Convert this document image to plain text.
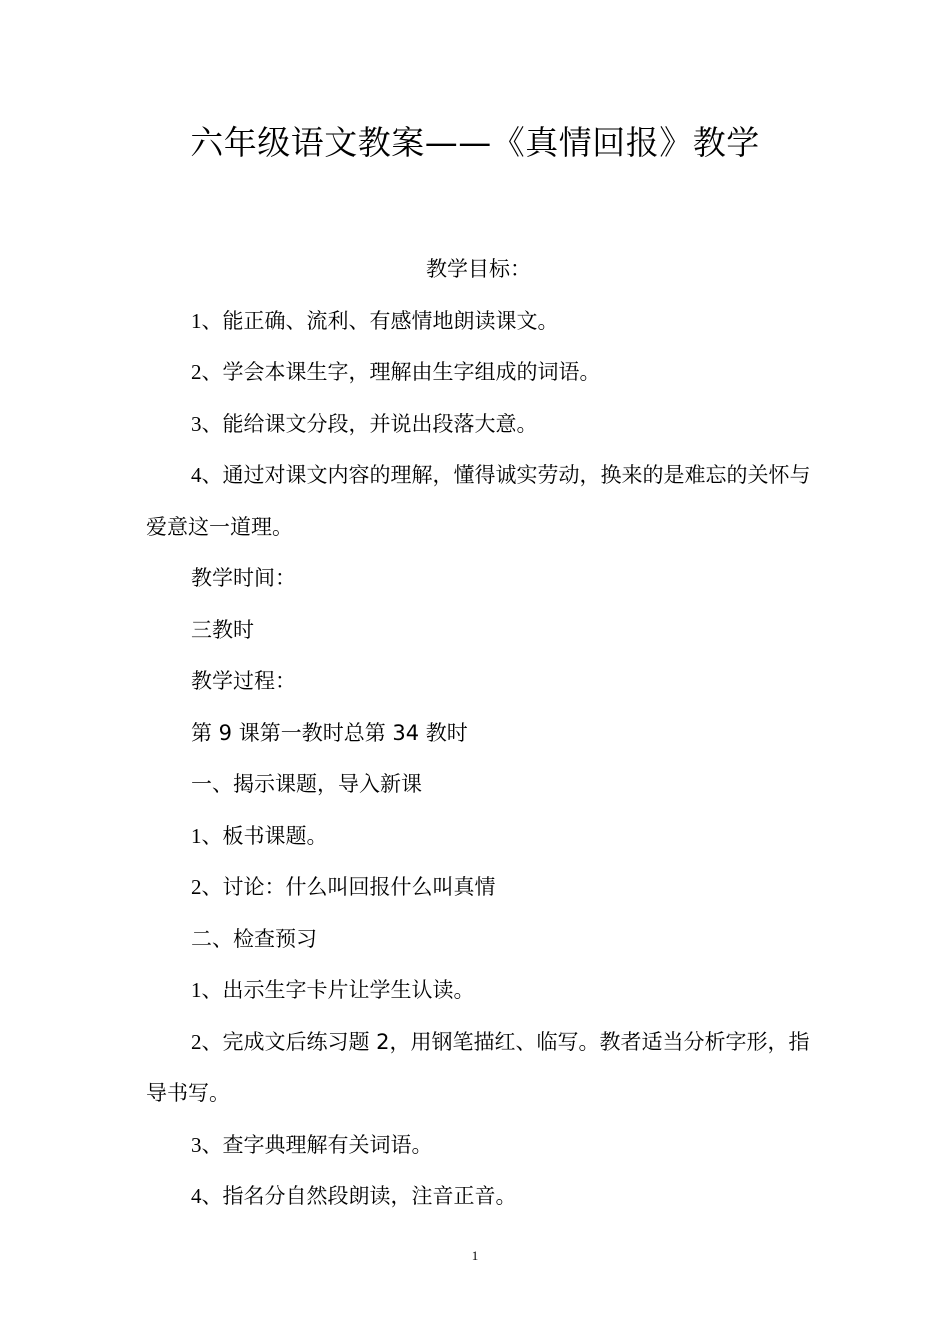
六年级语文教案——《真情回报》教学

教学目标：

1、能正确、流利、有感情地朗读课文。

2、学会本课生字，理解由生字组成的词语。

3、能给课文分段，并说出段落大意。

4、通过对课文内容的理解，懂得诚实劳动，换来的是难忘的关怀与爱意这一道理。

教学时间：

三教时

教学过程：

第 9 课第一教时总第 34 教时

一、揭示课题，导入新课

1、板书课题。

2、讨论：什么叫回报什么叫真情

二、检查预习

1、出示生字卡片让学生认读。

2、完成文后练习题 2，用钢笔描红、临写。教者适当分析字形，指导书写。

3、查字典理解有关词语。

4、指名分自然段朗读，注音正音。

1
